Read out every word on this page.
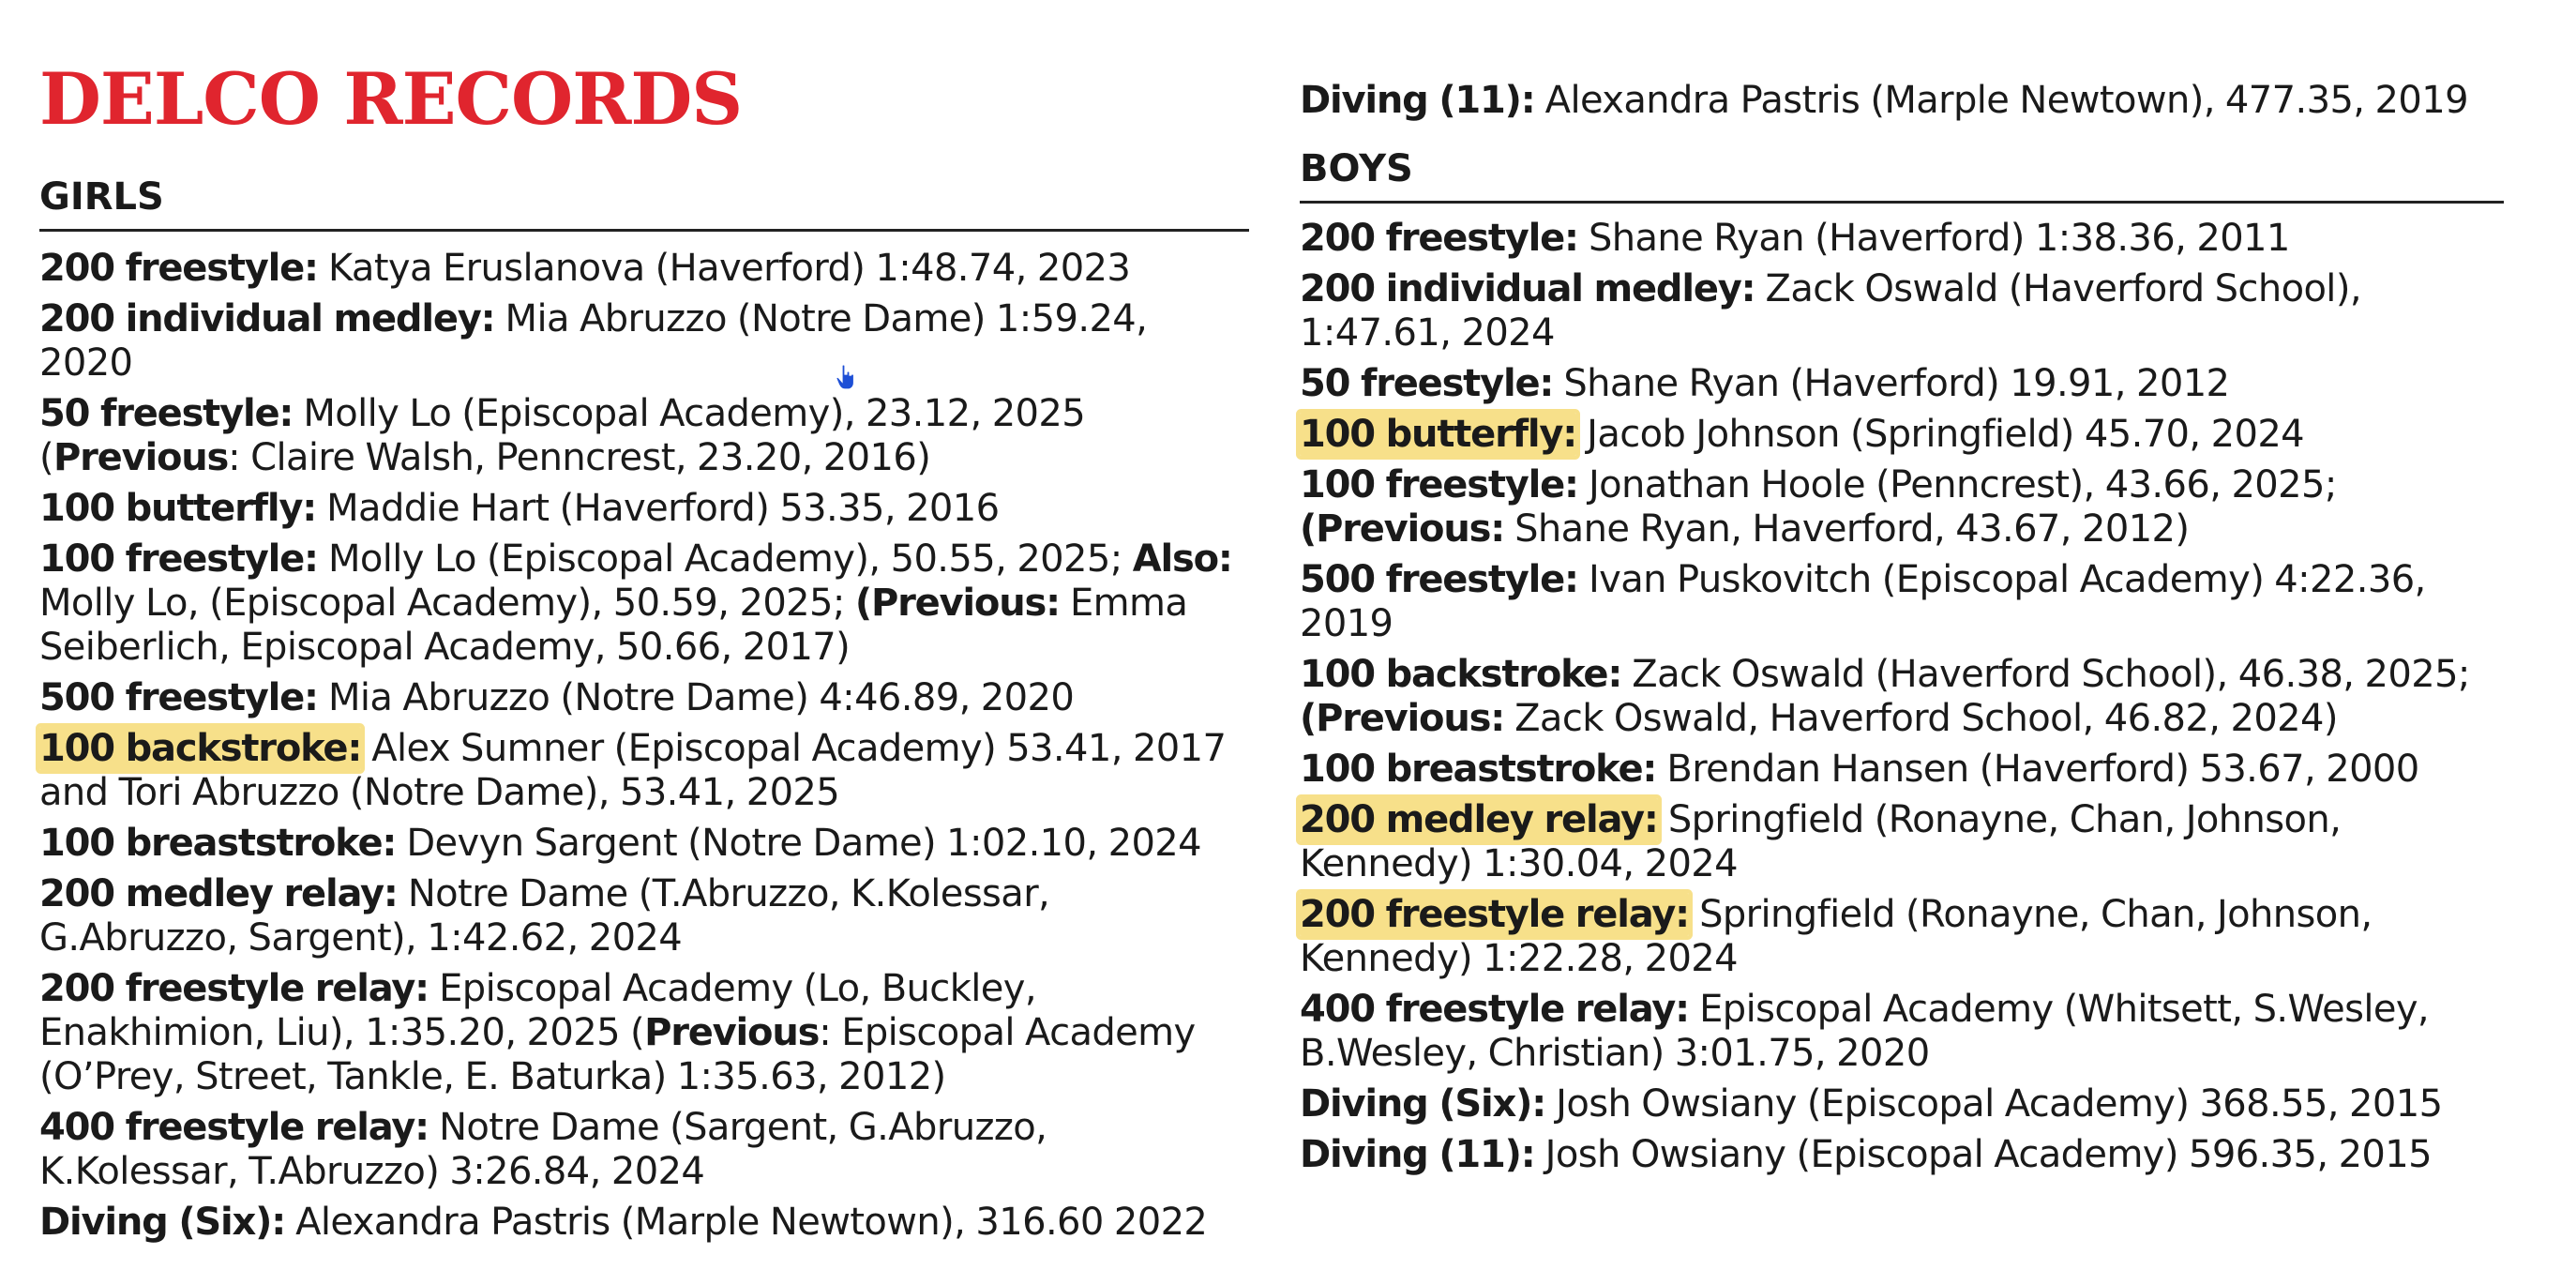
DELCO RECORDS
GIRLS

200 freestyle: Katya Eruslanova (Haverford) 1:48.74, 2023

200 individual medley: Mia Abruzzo (Notre Dame) 1:59.24, 2020

50 freestyle: Molly Lo (Episcopal Academy), 23.12, 2025 (Previous: Claire Walsh, Penncrest, 23.20, 2016)

100 butterfly: Maddie Hart (Haverford) 53.35, 2016

100 freestyle: Molly Lo (Episcopal Academy), 50.55, 2025; Also: Molly Lo, (Episcopal Academy), 50.59, 2025; (Previous: Emma Seiberlich, Episcopal Academy, 50.66, 2017)

500 freestyle: Mia Abruzzo (Notre Dame) 4:46.89, 2020

100 backstroke: Alex Sumner (Episcopal Academy) 53.41, 2017 and Tori Abruzzo (Notre Dame), 53.41, 2025

100 breaststroke: Devyn Sargent (Notre Dame) 1:02.10, 2024

200 medley relay: Notre Dame (T.Abruzzo, K.Kolessar, G.Abruzzo, Sargent), 1:42.62, 2024

200 freestyle relay: Episcopal Academy (Lo, Buckley, Enakhimion, Liu), 1:35.20, 2025 (Previous: Episcopal Academy (O’Prey, Street, Tankle, E. Baturka) 1:35.63, 2012)

400 freestyle relay: Notre Dame (Sargent, G.Abruzzo, K.Kolessar, T.Abruzzo) 3:26.84, 2024

Diving (Six): Alexandra Pastris (Marple Newtown), 316.60 2022

Diving (11): Alexandra Pastris (Marple Newtown), 477.35, 2019

BOYS

200 freestyle: Shane Ryan (Haverford) 1:38.36, 2011

200 individual medley: Zack Oswald (Haverford School), 1:47.61, 2024

50 freestyle: Shane Ryan (Haverford) 19.91, 2012

100 butterfly: Jacob Johnson (Springfield) 45.70, 2024

100 freestyle: Jonathan Hoole (Penncrest), 43.66, 2025; (Previous: Shane Ryan, Haverford, 43.67, 2012)

500 freestyle: Ivan Puskovitch (Episcopal Academy) 4:22.36, 2019

100 backstroke: Zack Oswald (Haverford School), 46.38, 2025; (Previous: Zack Oswald, Haverford School, 46.82, 2024)

100 breaststroke: Brendan Hansen (Haverford) 53.67, 2000

200 medley relay: Springfield (Ronayne, Chan, Johnson, Kennedy) 1:30.04, 2024

200 freestyle relay: Springfield (Ronayne, Chan, Johnson, Kennedy) 1:22.28, 2024

400 freestyle relay: Episcopal Academy (Whitsett, S.Wesley, B.Wesley, Christian) 3:01.75, 2020

Diving (Six): Josh Owsiany (Episcopal Academy) 368.55, 2015

Diving (11): Josh Owsiany (Episcopal Academy) 596.35, 2015
